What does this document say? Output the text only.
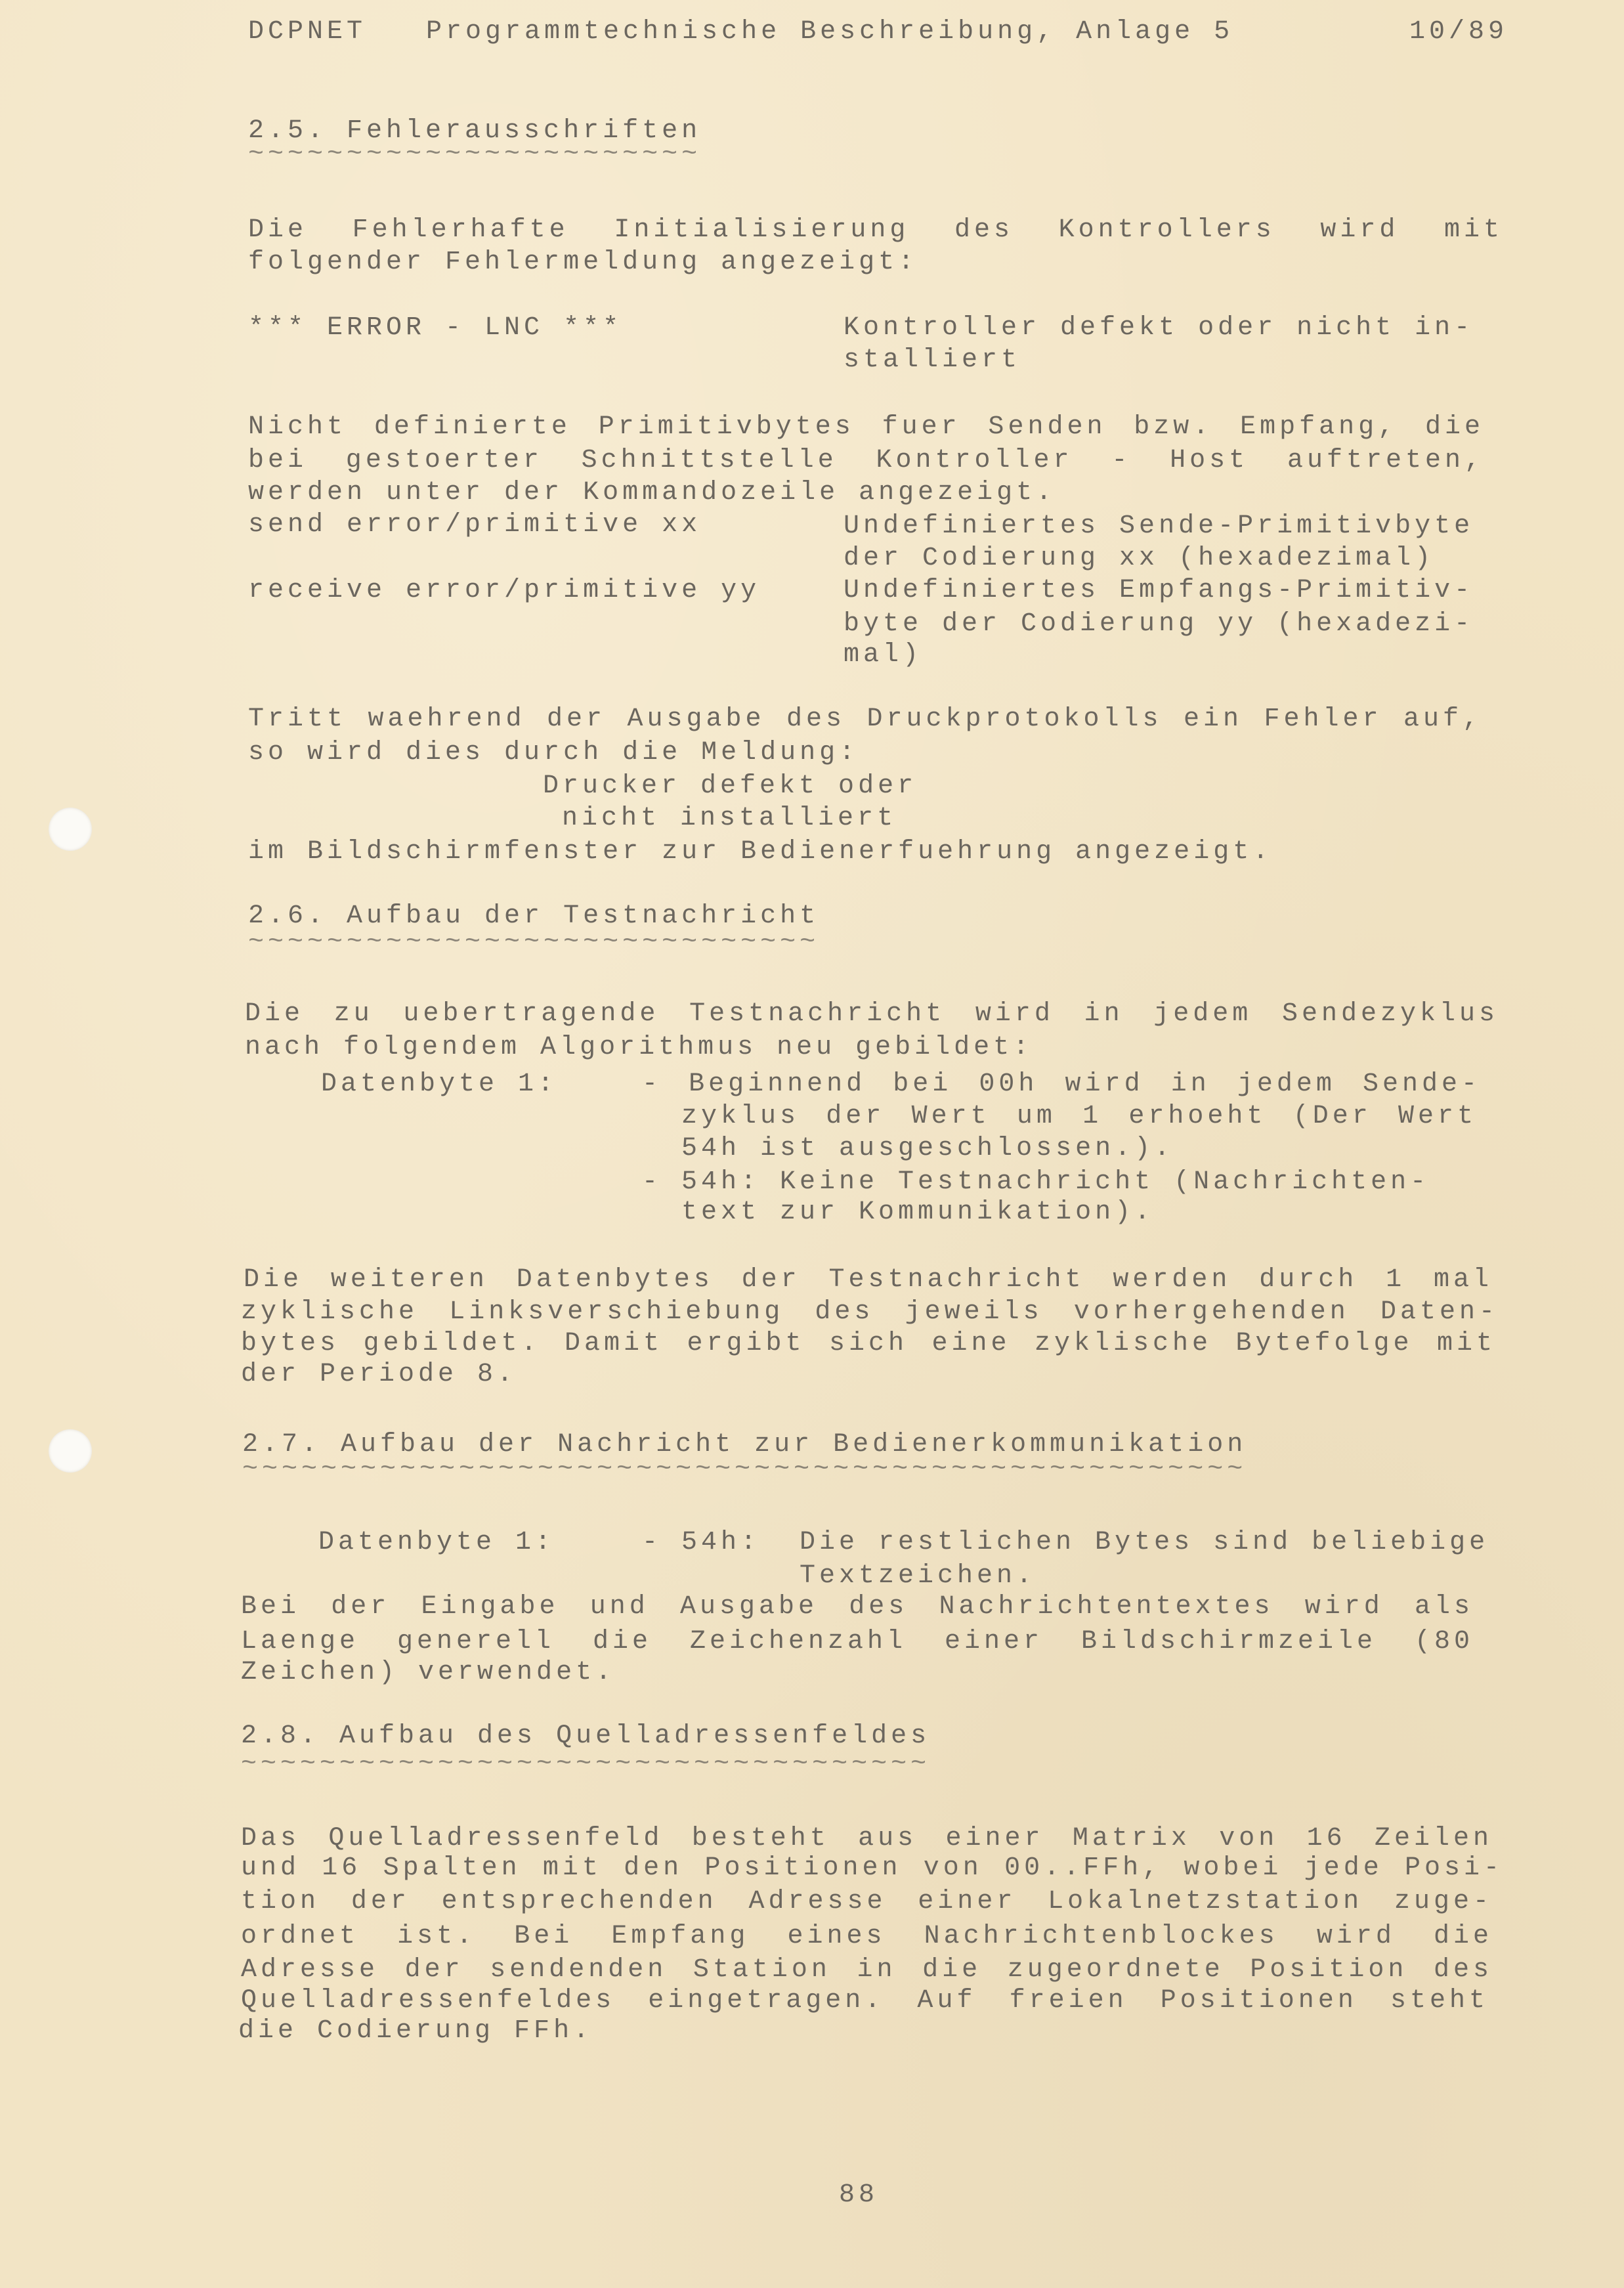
DCPNET Programmtechnische Beschreibung, Anlage 5	10/89
2.5. Fehlerausschriften
~~~~~~~~~~~~~~~~~~~~~~~
Die Fehlerhafte Initialisierung des Kontrollers wird mit
folgender Fehlermeldung angezeigt:
*** ERROR - LNC ***	Kontroller defekt oder nicht in-
stalliert
Nicht definierte Primitivbytes fuer Senden bzw. Empfang, die
bei gestoerter Schnittstelle Kontroller - Host auftreten,
werden unter der Kommandozeile angezeigt.
send error/primitive xx	Undefiniertes Sende-Primitivbyte
der Codierung xx (hexadezimal)
receive error/primitive yy	Undefiniertes Empfangs-Primitiv-
byte der Codierung yy (hexadezi-
mal)
Tritt waehrend der Ausgabe des Druckprotokolls ein Fehler auf,
so wird dies durch die Meldung:
Drucker defekt oder
nicht installiert
im Bildschirmfenster zur Bedienerfuehrung angezeigt.
2.6. Aufbau der Testnachricht
~~~~~~~~~~~~~~~~~~~~~~~~~~~~~
Die zu uebertragende Testnachricht wird in jedem Sendezyklus
nach folgendem Algorithmus neu gebildet:
Datenbyte 1:	- Beginnend bei 00h wird in jedem Sende-
zyklus der Wert um 1 erhoeht (Der Wert
54h ist ausgeschlossen.).
- 54h: Keine Testnachricht (Nachrichten-
text zur Kommunikation).
Die weiteren Datenbytes der Testnachricht werden durch 1 mal
zyklische Linksverschiebung des jeweils vorhergehenden Daten-
bytes gebildet. Damit ergibt sich eine zyklische Bytefolge mit
der Periode 8.
2.7. Aufbau der Nachricht zur Bedienerkommunikation
~~~~~~~~~~~~~~~~~~~~~~~~~~~~~~~~~~~~~~~~~~~~~~~~~~~
Datenbyte 1:	- 54h: Die restlichen Bytes sind beliebige
Textzeichen.
Bei der Eingabe und Ausgabe des Nachrichtentextes wird als
Laenge generell die Zeichenzahl einer Bildschirmzeile (80
Zeichen) verwendet.
2.8. Aufbau des Quelladressenfeldes
~~~~~~~~~~~~~~~~~~~~~~~~~~~~~~~~~~~
Das Quelladressenfeld besteht aus einer Matrix von 16 Zeilen
und 16 Spalten mit den Positionen von 00..FFh, wobei jede Posi-
tion der entsprechenden Adresse einer Lokalnetzstation zuge-
ordnet ist. Bei Empfang eines Nachrichtenblockes wird die
Adresse der sendenden Station in die zugeordnete Position des
Quelladressenfeldes eingetragen. Auf freien Positionen steht
die Codierung FFh.
88
